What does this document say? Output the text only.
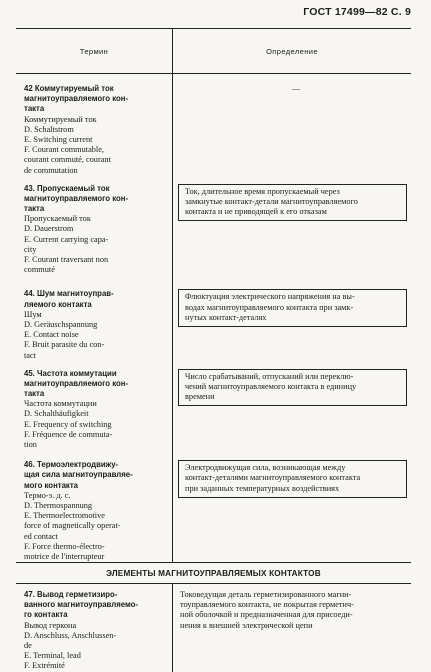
ГОСТ 17499—82 С. 9
Термин	Определение
42 Коммутируемый ток
магнитоуправляемого кон-
такта
Коммутируемый ток
D. Schaltstrom
E. Switching current
F. Courant commutable,
courant commuté, courant
de commutation
—
43. Пропускаемый ток
магнитоуправляемого кон-
такта
Пропускаемый ток
D. Dauerstrom
E. Current carrying capa-
city
F. Courant traversant non
commuté
Ток, длительное время пропускаемый через
замкнутые контакт-детали магнитоуправляемого
контакта и не приводящей к его отказам
44. Шум магнитоуправ-
ляемого контакта
Шум
D. Geräuschspannung
E. Contact noise
F. Bruit parasite du con-
tact
Флюктуация электрического напряжения на вы-
водах магнитоуправляемого контакта при замк-
нутых контакт-деталях
45. Частота коммутации
магнитоуправляемого кон-
такта
Частота коммутации
D. Schalthäufigkeit
E. Frequency of switching
F. Fréquence de commuta-
tion
Число срабатываний, отпусканий или переклю-
чений магнитоуправляемого контакта в единицу
времени
46. Термоэлектродвижу-
щая сила магнитоуправляе-
мого контакта
Термо-э. д. с.
D. Thermospannung
E. Thermoelectromotive
force of magnetically operat-
ed contact
F. Force thermo-électro-
motrice de l'interrupteur
Электродвижущая сила, возникающая между
контакт-деталями магнитоуправляемого контакта
при заданных температурных воздействиях
ЭЛЕМЕНТЫ МАГНИТОУПРАВЛЯЕМЫХ КОНТАКТОВ
47. Вывод герметизиро-
ванного магнитоуправляемо-
го контакта
Вывод геркона
D. Anschluss, Anschlussen-
de
E. Terminal, lead
F. Extrémité
Токоведущая деталь герметизированного магни-
тоуправляемого контакта, не покрытая герметич-
ной оболочкой и предназначенная для присоеди-
нения к внешней электрической цепи
